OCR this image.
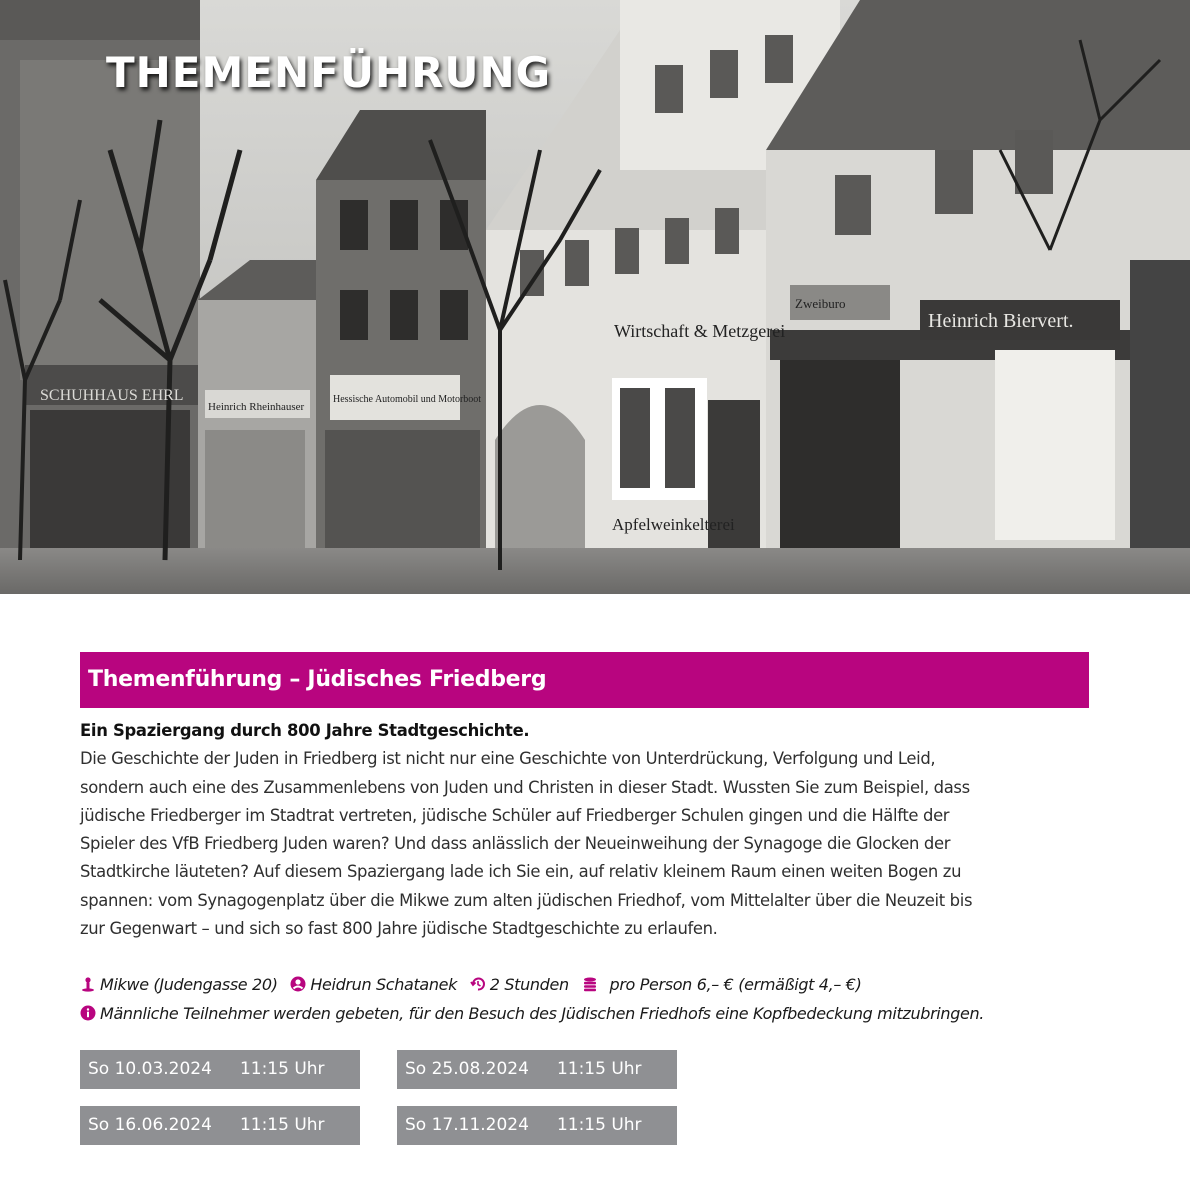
SCHUHHAUS EHRL
Heinrich Rheinhauser
Hessische Automobil und Motorboot
Wirtschaft & Metzgerei
Apfelweinkelterei
Zweiburo
Heinrich Biervert.
THEMENFÜHRUNG
Themenführung – Jüdisches Friedberg

Ein Spaziergang durch 800 Jahre Stadtgeschichte.

Die Geschichte der Juden in Friedberg ist nicht nur eine Geschichte von Unterdrückung, Verfolgung und Leid,

sondern auch eine des Zusammenlebens von Juden und Christen in dieser Stadt. Wussten Sie zum Beispiel, dass

jüdische Friedberger im Stadtrat vertreten, jüdische Schüler auf Friedberger Schulen gingen und die Hälfte der

Spieler des VfB Friedberg Juden waren? Und dass anlässlich der Neueinweihung der Synagoge die Glocken der

Stadtkirche läuteten? Auf diesem Spaziergang lade ich Sie ein, auf relativ kleinem Raum einen weiten Bogen zu

spannen: vom Synagogenplatz über die Mikwe zum alten jüdischen Friedhof, vom Mittelalter über die Neuzeit bis

zur Gegenwart – und sich so fast 800 Jahre jüdische Stadtgeschichte zu erlaufen.

Mikwe (Judengasse 20) Heidrun Schatanek 2 Stunden	pro Person 6,– € (ermäßigt 4,– €)
Männliche Teilnehmer werden gebeten, für den Besuch des Jüdischen Friedhofs eine Kopfbedeckung mitzubringen.
So 10.03.2024 11:15 Uhr	So 25.08.2024 11:15 Uhr
So 16.06.2024 11:15 Uhr	So 17.11.2024 11:15 Uhr
